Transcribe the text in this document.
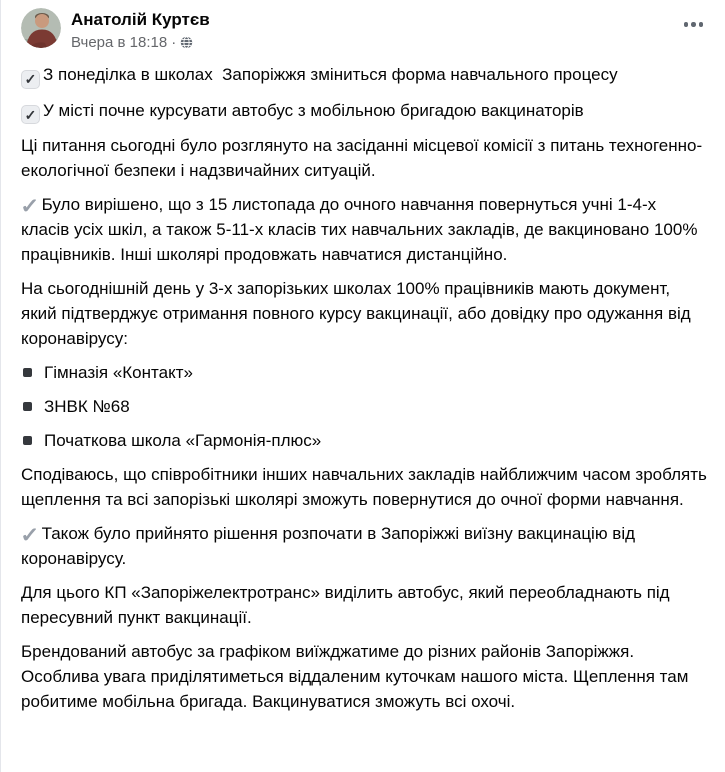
Анатолій Куртєв
Вчера в 18:18 ·

✓ З понеділка в школах  Запоріжжя зміниться форма навчального процесу

✓ У місті почне курсувати автобус з мобільною бригадою вакцинаторів

Ці питання сьогодні було розглянуто на засіданні місцевої комісії з питань техногенно-екологічної безпеки і надзвичайних ситуацій.

✓ Було вирішено, що з 15 листопада до очного навчання повернуться учні 1-4-х класів усіх шкіл, а також 5-11-х класів тих навчальних закладів, де вакциновано 100% працівників. Інші школярі продовжать навчатися дистанційно.

На сьогоднішній день у 3-х запорізьких школах 100% працівників мають документ, який підтверджує отримання повного курсу вакцинації, або довідку про одужання від коронавірусу:

Гімназія «Контакт»

ЗНВК №68

Початкова школа «Гармонія-плюс»

Сподіваюсь, що співробітники інших навчальних закладів найближчим часом зроблять щеплення та всі запорізькі школярі зможуть повернутися до очної форми навчання.

✓ Також було прийнято рішення розпочати в Запоріжжі виїзну вакцинацію від коронавірусу.

Для цього КП «Запоріжелектротранс» виділить автобус, який переобладнають під пересувний пункт вакцинації.

Брендований автобус за графіком виїжджатиме до різних районів Запоріжжя. Особлива увага приділятиметься віддаленим куточкам нашого міста. Щеплення там робитиме мобільна бригада. Вакцинуватися зможуть всі охочі.
